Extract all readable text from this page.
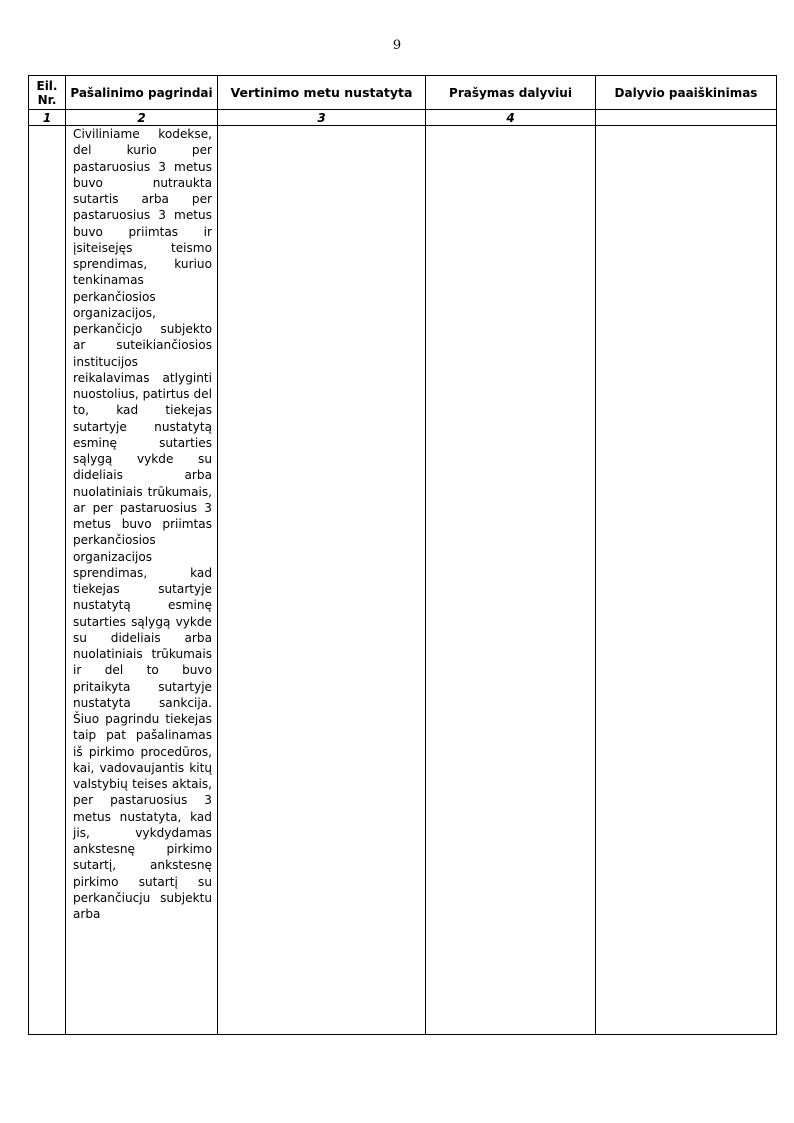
9
Eil. Nr.	Pašalinimo pagrindai	Vertinimo metu nustatyta	Prašymas dalyviui	Dalyvio paaiškinimas
1	2	3	4	

	Civiliniame kodekse, del kurio per pastaruosius 3 metus buvo nutraukta sutartis arba per pastaruosius 3 metus buvo priimtas ir įsiteisejęs teismo sprendimas, kuriuo tenkinamas perkančiosios organizacijos, perkančicjo subjekto ar suteikiančiosios institucijos reikalavimas atlyginti nuostolius, patirtus del to, kad tiekejas sutartyje nustatytą esminę sutarties sąlygą vykde su dideliais arba nuolatiniais trūkumais, ar per pastaruosius 3 metus buvo priimtas perkančiosios organizacijos sprendimas, kad tiekejas sutartyje nustatytą esminę sutarties sąlygą vykde su dideliais arba nuolatiniais trūkumais ir del to buvo pritaikyta sutartyje nustatyta sankcija. Šiuo pagrindu tiekejas taip pat pašalinamas iš pirkimo procedūros, kai, vadovaujantis kitų valstybių teises aktais, per pastaruosius 3 metus nustatyta, kad jis, vykdydamas ankstesnę pirkimo sutartį, ankstesnę pirkimo sutartį su perkančiucju subjektu arba			
